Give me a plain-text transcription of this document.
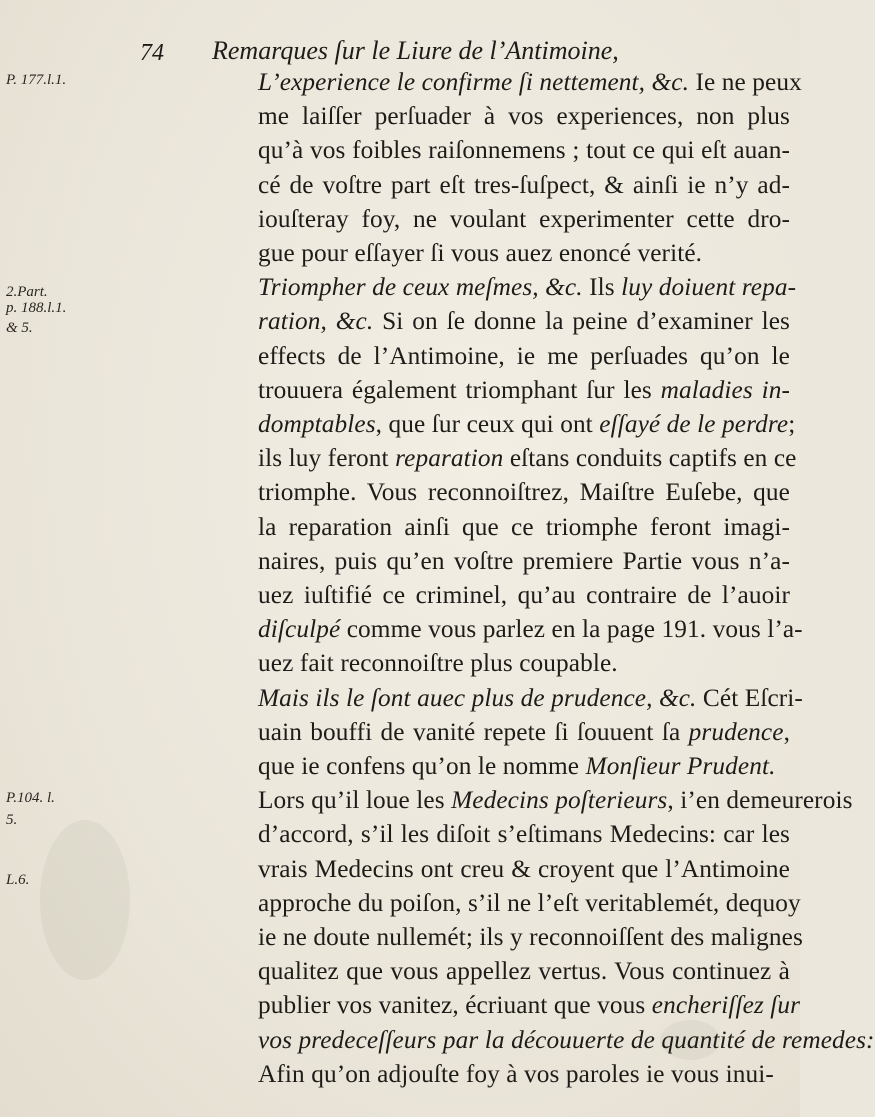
74 Remarques ſur le Liure de l’Antimoine,
P. 177.l.1.
2.Part.
p. 188.l.1.
& 5.
P.104. l.
5.
L.6.
L’experience le confirme ſi nettement, &c. Ie ne peux
me laiſſer perſuader à vos experiences, non plus
qu’à vos foibles raiſonnemens ; tout ce qui eſt auan-
cé de voſtre part eſt tres-ſuſpect, & ainſi ie n’y ad-
iouſteray foy, ne voulant experimenter cette dro-
gue pour eſſayer ſi vous auez enoncé verité.
Triompher de ceux meſmes, &c. Ils luy doiuent repa-
ration, &c. Si on ſe donne la peine d’examiner les
effects de l’Antimoine, ie me perſuades qu’on le
trouuera également triomphant ſur les maladies in-
domptables, que ſur ceux qui ont eſſayé de le perdre;
ils luy feront reparation eſtans conduits captifs en ce
triomphe. Vous reconnoiſtrez, Maiſtre Euſebe, que
la reparation ainſi que ce triomphe feront imagi-
naires, puis qu’en voſtre premiere Partie vous n’a-
uez iuſtifié ce criminel, qu’au contraire de l’auoir
diſculpé comme vous parlez en la page 191. vous l’a-
uez fait reconnoiſtre plus coupable.
Mais ils le ſont auec plus de prudence, &c. Cét Eſcri-
uain bouffi de vanité repete ſi ſouuent ſa prudence,
que ie confens qu’on le nomme Monſieur Prudent.
Lors qu’il loue les Medecins poſterieurs, i’en demeurerois
d’accord, s’il les diſoit s’eſtimans Medecins: car les
vrais Medecins ont creu & croyent que l’Antimoine
approche du poiſon, s’il ne l’eſt veritablemét, dequoy
ie ne doute nullemét; ils y reconnoiſſent des malignes
qualitez que vous appellez vertus. Vous continuez à
publier vos vanitez, écriuant que vous encheriſſez ſur
vos predeceſſeurs par la découuerte de quantité de remedes:
Afin qu’on adjouſte foy à vos paroles ie vous inui-
